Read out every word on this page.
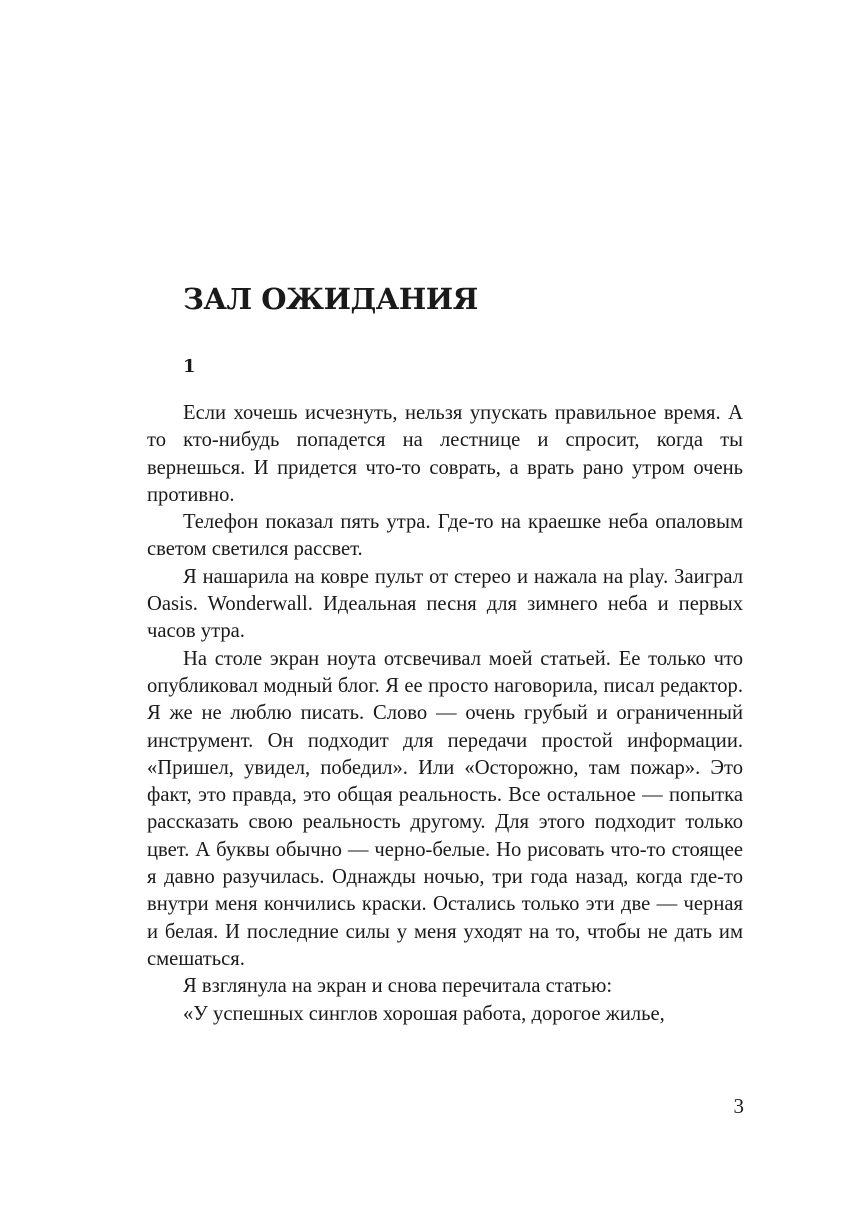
ЗАЛ ОЖИДАНИЯ
1

Если хочешь исчезнуть, нельзя упускать правильное время. А то кто-нибудь попадется на лестнице и спросит, когда ты вернешься. И придется что-то соврать, а врать рано утром очень противно.

Телефон показал пять утра. Где-то на краешке неба опаловым светом светился рассвет.

Я нашарила на ковре пульт от стерео и нажала на play. Заиграл Oasis. Wonderwall. Идеальная песня для зимнего неба и первых часов утра.

На столе экран ноута отсвечивал моей статьей. Ее только что опубликовал модный блог. Я ее просто наговорила, писал редактор. Я же не люблю писать. Слово — очень грубый и ограниченный инструмент. Он подходит для передачи простой информации. «Пришел, увидел, победил». Или «Осторожно, там пожар». Это факт, это правда, это общая реальность. Все остальное — попытка рассказать свою реальность другому. Для этого подходит только цвет. А буквы обычно — черно-белые. Но рисовать что-то стоящее я давно разучилась. Однажды ночью, три года назад, когда где-то внутри меня кончились краски. Остались только эти две — черная и белая. И последние силы у меня уходят на то, чтобы не дать им смешаться.

Я взглянула на экран и снова перечитала статью:

«У успешных синглов хорошая работа, дорогое жилье,

3
